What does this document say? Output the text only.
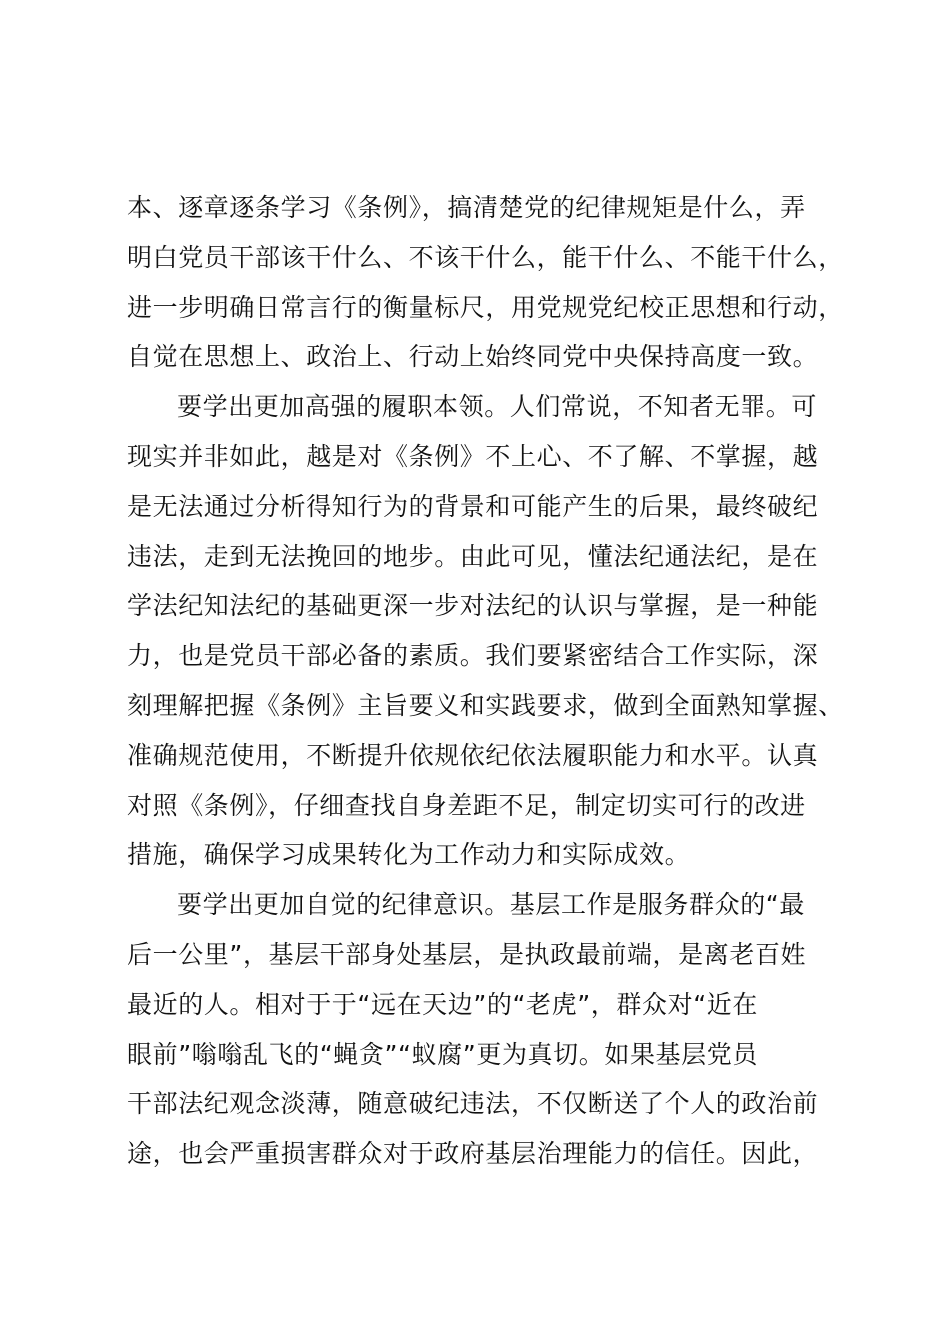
本、逐章逐条学习《条例》，搞清楚党的纪律规矩是什么，弄
明白党员干部该干什么、不该干什么，能干什么、不能干什么，
进一步明确日常言行的衡量标尺，用党规党纪校正思想和行动，
自觉在思想上、政治上、行动上始终同党中央保持高度一致。
要学出更加高强的履职本领。人们常说，不知者无罪。可
现实并非如此，越是对《条例》不上心、不了解、不掌握，越
是无法通过分析得知行为的背景和可能产生的后果，最终破纪
违法，走到无法挽回的地步。由此可见，懂法纪通法纪，是在
学法纪知法纪的基础更深一步对法纪的认识与掌握，是一种能
力，也是党员干部必备的素质。我们要紧密结合工作实际，深
刻理解把握《条例》主旨要义和实践要求，做到全面熟知掌握、
准确规范使用，不断提升依规依纪依法履职能力和水平。认真
对照《条例》，仔细查找自身差距不足，制定切实可行的改进
措施，确保学习成果转化为工作动力和实际成效。
要学出更加自觉的纪律意识。基层工作是服务群众的“最
后一公里”，基层干部身处基层，是执政最前端，是离老百姓
最近的人。相对于于“远在天边”的“老虎”，群众对“近在
眼前”嗡嗡乱飞的“蝇贪”“蚁腐”更为真切。如果基层党员
干部法纪观念淡薄，随意破纪违法，不仅断送了个人的政治前
途，也会严重损害群众对于政府基层治理能力的信任。因此，
